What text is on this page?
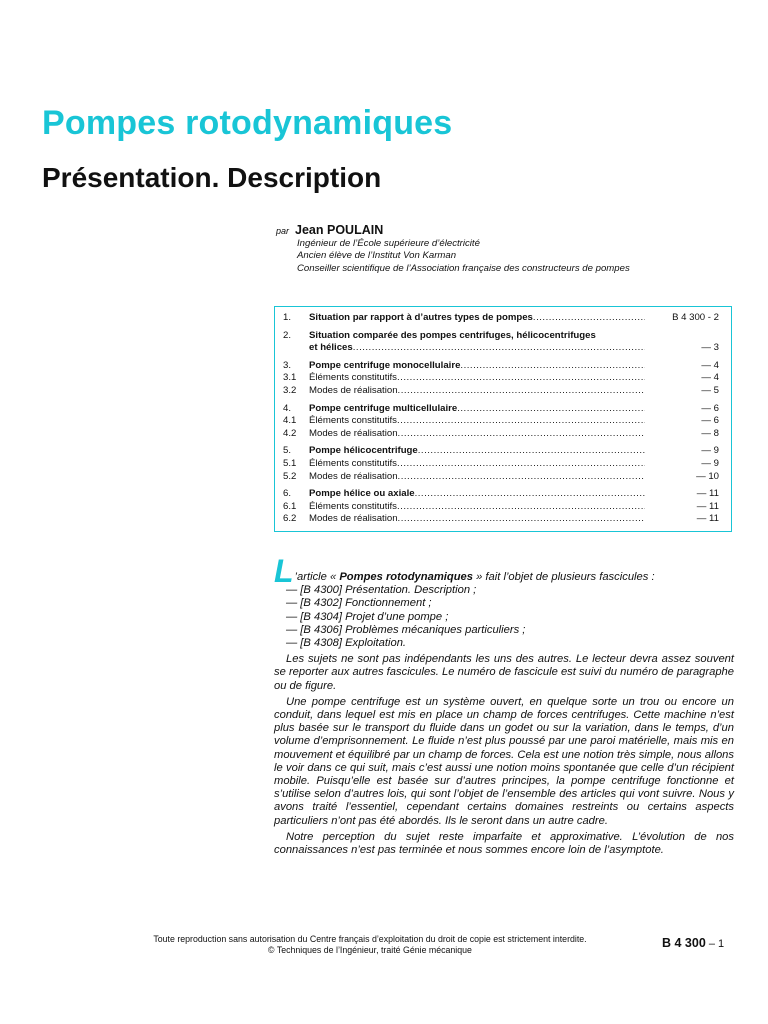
Pompes rotodynamiques
Présentation. Description
par Jean POULAIN
Ingénieur de l’École supérieure d’électricité
Ancien élève de l’Institut Von Karman
Conseiller scientifique de l’Association française des constructeurs de pompes
1.	Situation par rapport à d’autres types de pompes .....	B 4 300 - 2
2.	Situation comparée des pompes centrifuges, hélicocentrifuges
et hélices .....	— 3
3.	Pompe centrifuge monocellulaire .....	— 4
3.1	Éléments constitutifs .....	— 4
3.2	Modes de réalisation .....	— 5
4.	Pompe centrifuge multicellulaire .....	— 6
4.1	Éléments constitutifs .....	— 6
4.2	Modes de réalisation .....	— 8
5.	Pompe hélicocentrifuge .....	— 9
5.1	Éléments constitutifs .....	— 9
5.2	Modes de réalisation .....	— 10
6.	Pompe hélice ou axiale .....	— 11
6.1	Éléments constitutifs .....	— 11
6.2	Modes de réalisation .....	— 11

L’article « Pompes rotodynamiques » fait l’objet de plusieurs fascicules :

— [B 4300] Présentation. Description ;
— [B 4302] Fonctionnement ;
— [B 4304] Projet d’une pompe ;
— [B 4306] Problèmes mécaniques particuliers ;
— [B 4308] Exploitation.

Les sujets ne sont pas indépendants les uns des autres. Le lecteur devra assez souvent se reporter aux autres fascicules. Le numéro de fascicule est suivi du numéro de paragraphe ou de figure.

Une pompe centrifuge est un système ouvert, en quelque sorte un trou ou encore un conduit, dans lequel est mis en place un champ de forces centrifuges. Cette machine n’est plus basée sur le transport du fluide dans un godet ou sur la variation, dans le temps, d’un volume d’emprisonnement. Le fluide n’est plus poussé par une paroi matérielle, mais mis en mouvement et équilibré par un champ de forces. Cela est une notion très simple, nous allons le voir dans ce qui suit, mais c’est aussi une notion moins spontanée que celle d’un récipient mobile. Puisqu’elle est basée sur d’autres principes, la pompe centrifuge fonctionne et s’utilise selon d’autres lois, qui sont l’objet de l’ensemble des articles qui vont suivre. Nous y avons traité l’essentiel, cependant certains domaines restreints ou certains aspects particuliers n’ont pas été abordés. Ils le seront dans un autre cadre.

Notre perception du sujet reste imparfaite et approximative. L’évolution de nos connaissances n’est pas terminée et nous sommes encore loin de l’asymptote.

Toute reproduction sans autorisation du Centre français d’exploitation du droit de copie est strictement interdite.
© Techniques de l’Ingénieur, traité Génie mécanique	B 4 300 – 1
